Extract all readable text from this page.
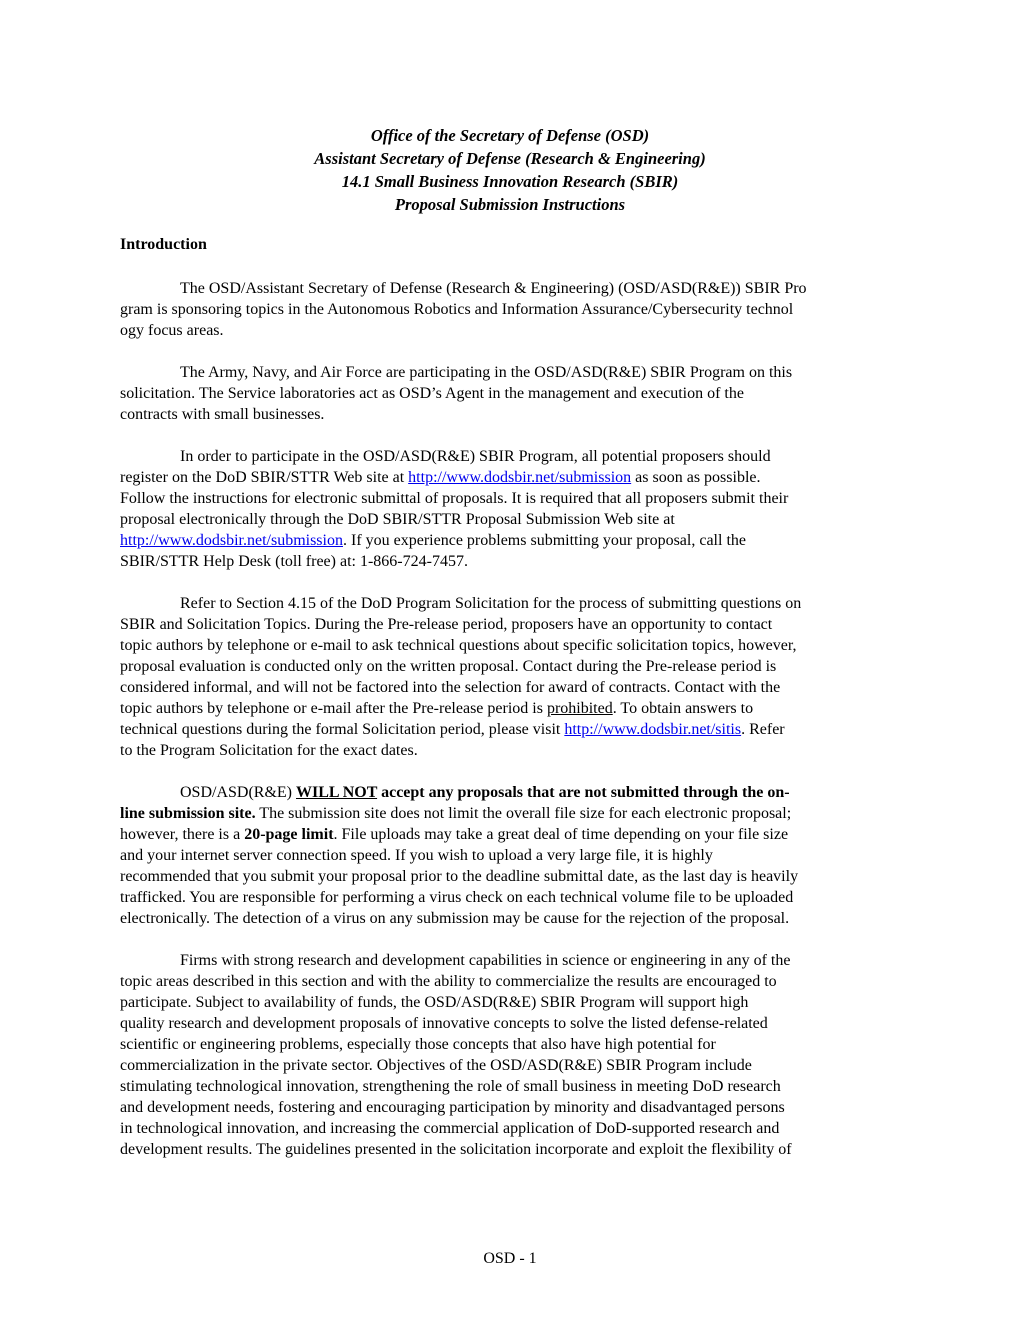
Office of the Secretary of Defense (OSD)
Assistant Secretary of Defense (Research & Engineering)
14.1 Small Business Innovation Research (SBIR)
Proposal Submission Instructions
Introduction

The OSD/Assistant Secretary of Defense (Research & Engineering) (OSD/ASD(R&E)) SBIR Pro
gram is sponsoring topics in the Autonomous Robotics and Information Assurance/Cybersecurity technol
ogy focus areas.

The Army, Navy, and Air Force are participating in the OSD/ASD(R&E) SBIR Program on this
solicitation. The Service laboratories act as OSD’s Agent in the management and execution of the
contracts with small businesses.

In order to participate in the OSD/ASD(R&E) SBIR Program, all potential proposers should
register on the DoD SBIR/STTR Web site at http://www.dodsbir.net/submission as soon as possible.
Follow the instructions for electronic submittal of proposals. It is required that all proposers submit their
proposal electronically through the DoD SBIR/STTR Proposal Submission Web site at
http://www.dodsbir.net/submission. If you experience problems submitting your proposal, call the
SBIR/STTR Help Desk (toll free) at: 1-866-724-7457.

Refer to Section 4.15 of the DoD Program Solicitation for the process of submitting questions on
SBIR and Solicitation Topics. During the Pre-release period, proposers have an opportunity to contact
topic authors by telephone or e-mail to ask technical questions about specific solicitation topics, however,
proposal evaluation is conducted only on the written proposal. Contact during the Pre-release period is
considered informal, and will not be factored into the selection for award of contracts. Contact with the
topic authors by telephone or e-mail after the Pre-release period is prohibited. To obtain answers to
technical questions during the formal Solicitation period, please visit http://www.dodsbir.net/sitis. Refer
to the Program Solicitation for the exact dates.

OSD/ASD(R&E) WILL NOT accept any proposals that are not submitted through the on-
line submission site. The submission site does not limit the overall file size for each electronic proposal;
however, there is a 20-page limit. File uploads may take a great deal of time depending on your file size
and your internet server connection speed. If you wish to upload a very large file, it is highly
recommended that you submit your proposal prior to the deadline submittal date, as the last day is heavily
trafficked. You are responsible for performing a virus check on each technical volume file to be uploaded
electronically. The detection of a virus on any submission may be cause for the rejection of the proposal.

Firms with strong research and development capabilities in science or engineering in any of the
topic areas described in this section and with the ability to commercialize the results are encouraged to
participate. Subject to availability of funds, the OSD/ASD(R&E) SBIR Program will support high
quality research and development proposals of innovative concepts to solve the listed defense-related
scientific or engineering problems, especially those concepts that also have high potential for
commercialization in the private sector. Objectives of the OSD/ASD(R&E) SBIR Program include
stimulating technological innovation, strengthening the role of small business in meeting DoD research
and development needs, fostering and encouraging participation by minority and disadvantaged persons
in technological innovation, and increasing the commercial application of DoD-supported research and
development results. The guidelines presented in the solicitation incorporate and exploit the flexibility of

OSD - 1
